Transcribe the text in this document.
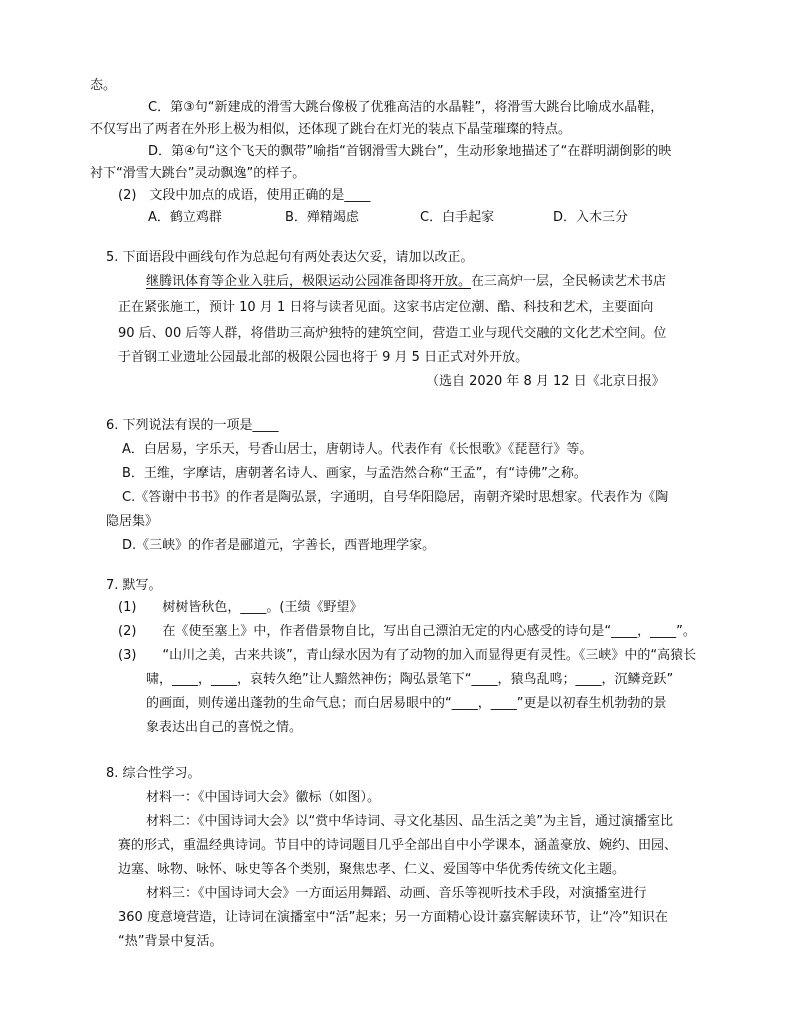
态。
C．第③句“新建成的滑雪大跳台像极了优雅高洁的水晶鞋”，将滑雪大跳台比喻成水晶鞋，
不仅写出了两者在外形上极为相似，还体现了跳台在灯光的装点下晶莹璀璨的特点。
D．第④句“这个飞天的飘带”喻指“首钢滑雪大跳台”，生动形象地描述了“在群明湖倒影的映
衬下“滑雪大跳台”灵动飘逸”的样子。
(2)　文段中加点的成语，使用正确的是____
A．鹤立鸡群	B．殚精竭虑	C．白手起家	D．入木三分
5. 下面语段中画线句作为总起句有两处表达欠妥，请加以改正。
继腾讯体育等企业入驻后，极限运动公园准备即将开放。在三高炉一层，全民畅读艺术书店
正在紧张施工，预计 10 月 1 日将与读者见面。这家书店定位潮、酷、科技和艺术，主要面向
90 后、00 后等人群，将借助三高炉独特的建筑空间，营造工业与现代交融的文化艺术空间。位
于首钢工业遗址公园最北部的极限公园也将于 9 月 5 日正式对外开放。
（选自 2020 年 8 月 12 日《北京日报》
6. 下列说法有误的一项是____
A．白居易，字乐天，号香山居士，唐朝诗人。代表作有《长恨歌》《琵琶行》等。
B．王维，字摩诘，唐朝著名诗人、画家，与孟浩然合称“王孟”，有“诗佛”之称。
C.《答谢中书书》的作者是陶弘景，字通明，自号华阳隐居，南朝齐梁时思想家。代表作为《陶
隐居集》
D.《三峡》的作者是郦道元，字善长，西晋地理学家。
7. 默写。
(1)　　树树皆秋色，____。(王绩《野望》
(2)　　在《使至塞上》中，作者借景物自比，写出自己漂泊无定的内心感受的诗句是“____，____”。
(3)　　“山川之美，古来共谈”，青山绿水因为有了动物的加入而显得更有灵性。《三峡》中的“高猿长
啸，____，____，哀转久绝”让人黯然神伤；陶弘景笔下“____，猿鸟乱鸣；____，沉鳞竞跃”
的画面，则传递出蓬勃的生命气息；而白居易眼中的“____，____”更是以初春生机勃勃的景
象表达出自己的喜悦之情。
8. 综合性学习。
材料一：《中国诗词大会》徽标（如图）。
材料二：《中国诗词大会》以“赏中华诗词、寻文化基因、品生活之美”为主旨，通过演播室比
赛的形式，重温经典诗词。节目中的诗词题目几乎全部出自中小学课本，涵盖豪放、婉约、田园、
边塞、咏物、咏怀、咏史等各个类别，聚焦忠孝、仁义、爱国等中华优秀传统文化主题。
材料三：《中国诗词大会》一方面运用舞蹈、动画、音乐等视听技术手段，对演播室进行
360 度意境营造，让诗词在演播室中“活”起来；另一方面精心设计嘉宾解读环节，让“冷”知识在
“热”背景中复活。
